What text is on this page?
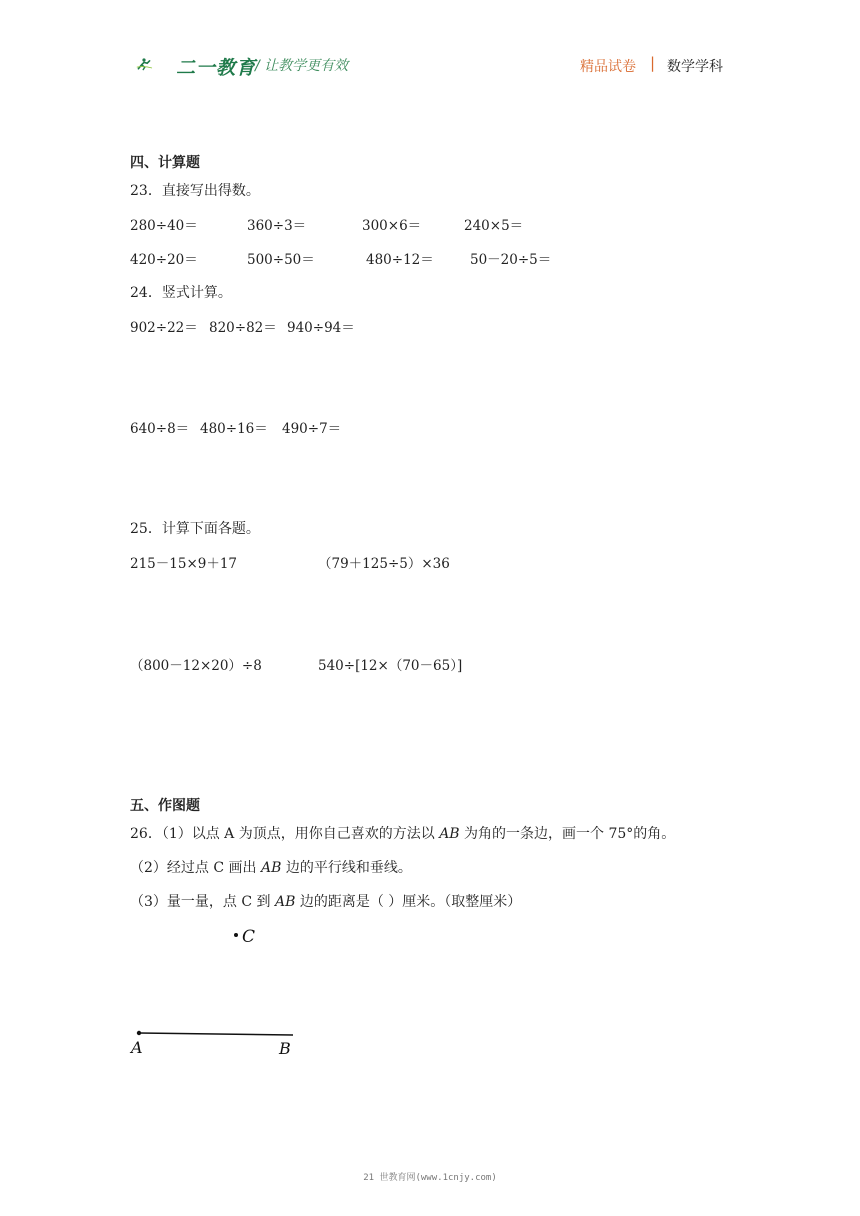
二一教育
/ 让教学更有效	精品试卷 | 数学学科
四、计算题
23．直接写出得数。
280÷40＝	360÷3＝	300×6＝	240×5＝
420÷20＝	500÷50＝	480÷12＝	50－20÷5＝
24．竖式计算。
902÷22＝ 820÷82＝ 940÷94＝
640÷8＝ 480÷16＝ 490÷7＝
25．计算下面各题。
215－15×9＋17	（79＋125÷5）×36
（800－12×20）÷8	540÷[12×（70－65）]
五、作图题
26．（1）以点 A 为顶点，用你自己喜欢的方法以 AB 为角的一条边，画一个 75°的角。
（2）经过点 C 画出 AB 边的平行线和垂线。
（3）量一量，点 C 到 AB 边的距离是（ ）厘米。（取整厘米）
C
A	B
21 世教育网(www.1cnjy.com)
